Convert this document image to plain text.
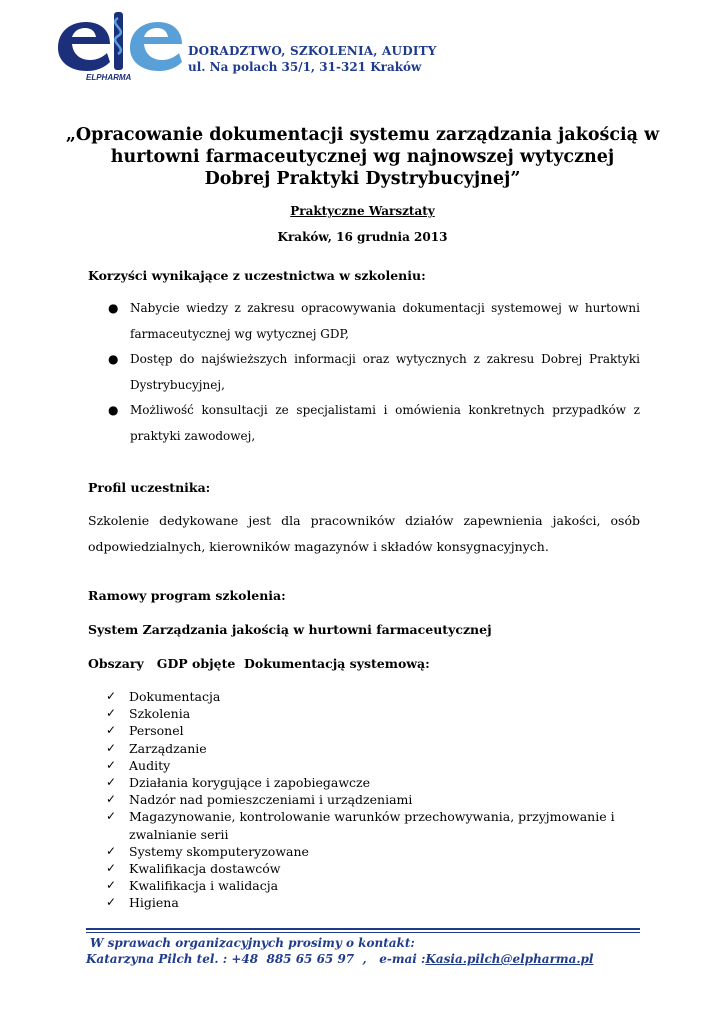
ELPHARMA
DORADZTWO, SZKOLENIA, AUDITY
ul. Na polach 35/1, 31-321 Kraków
„Opracowanie dokumentacji systemu zarządzania jakością w
hurtowni farmaceutycznej wg najnowszej wytycznej
Dobrej Praktyki Dystrybucyjnej”
Praktyczne Warsztaty
Kraków, 16 grudnia 2013
Korzyści wynikające z uczestnictwa w szkoleniu:
● Nabycie wiedzy z zakresu opracowywania dokumentacji systemowej w hurtowni farmaceutycznej wg wytycznej GDP,
● Dostęp do najświeższych informacji oraz wytycznych z zakresu Dobrej Praktyki Dystrybucyjnej,
● Możliwość konsultacji ze specjalistami i omówienia konkretnych przypadków z praktyki zawodowej,
Profil uczestnika:
Szkolenie dedykowane jest dla pracowników działów zapewnienia jakości, osób odpowiedzialnych, kierowników magazynów i składów konsygnacyjnych.
Ramowy program szkolenia:
System Zarządzania jakością w hurtowni farmaceutycznej
Obszary   GDP objęte  Dokumentacją systemową:
✓ Dokumentacja
✓ Szkolenia
✓ Personel
✓ Zarządzanie
✓ Audity
✓ Działania korygujące i zapobiegawcze
✓ Nadzór nad pomieszczeniami i urządzeniami
✓ Magazynowanie, kontrolowanie warunków przechowywania, przyjmowanie i zwalnianie serii
✓ Systemy skomputeryzowane
✓ Kwalifikacja dostawców
✓ Kwalifikacja i walidacja
✓ Higiena
W sprawach organizacyjnych prosimy o kontakt:
Katarzyna Pilch tel. : +48  885 65 65 97  ,   e-mai :Kasia.pilch@elpharma.pl
